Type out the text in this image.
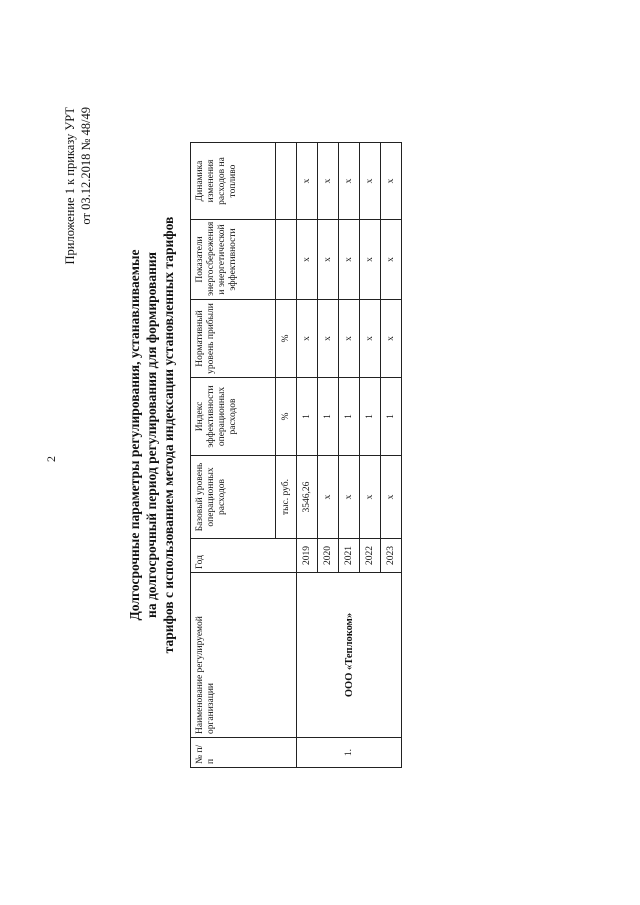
2
Приложение 1 к приказу УРТ от 03.12.2018 № 48/49
Долгосрочные параметры регулирования, устанавливаемые на долгосрочный период регулирования для формирования тарифов с использованием метода индексации установленных тарифов
№ п/п	Наименование регулируемой организации	Год	Базовый уровень операционных расходов	Индекс эффективности операционных расходов	Нормативный уровень прибыли	Показатели энергосбережения и энергетической эффективности	Динамика изменения расходов на топливо
			тыс. руб.	%	%		
1.	ООО «Теплоком»	2019	3546,26	1	х	х	х
		2020	х	1	х	х	х
		2021	х	1	х	х	х
		2022	х	1	х	х	х
		2023	х	1	х	х	х
